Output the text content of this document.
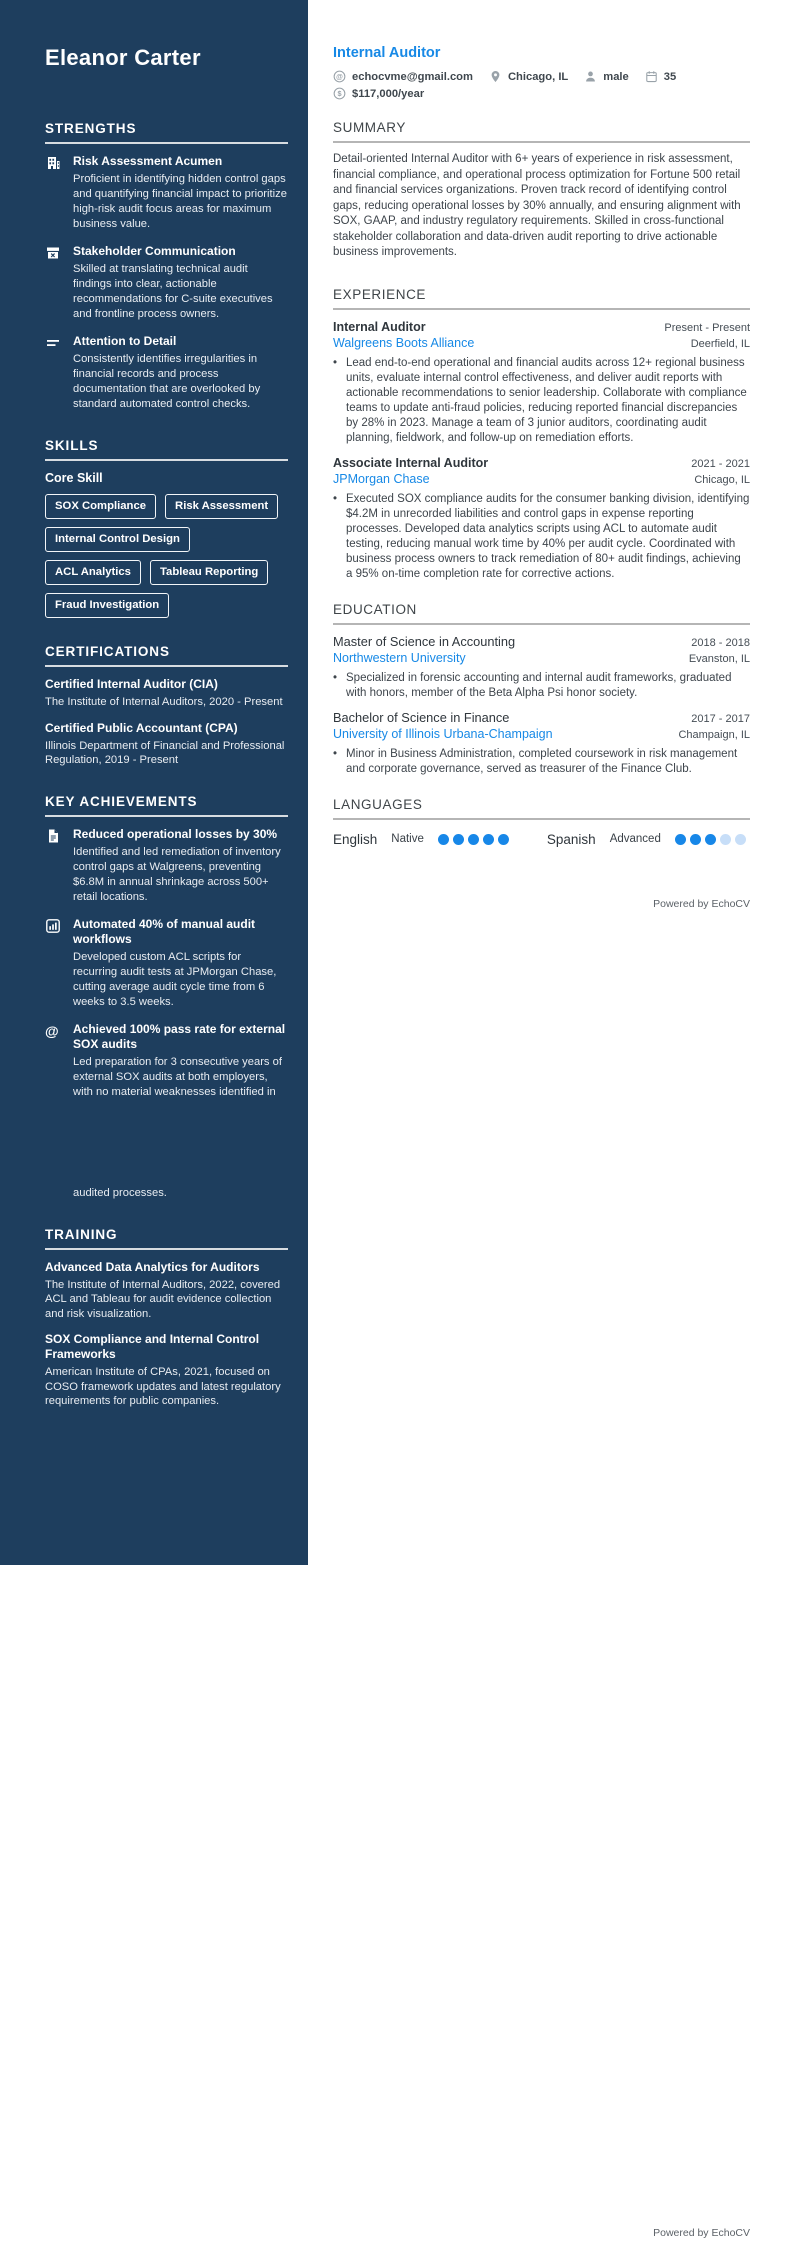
Eleanor Carter
STRENGTHS
Risk Assessment Acumen
Proficient in identifying hidden control gaps and quantifying financial impact to prioritize high-risk audit focus areas for maximum business value.
Stakeholder Communication
Skilled at translating technical audit findings into clear, actionable recommendations for C-suite executives and frontline process owners.
Attention to Detail
Consistently identifies irregularities in financial records and process documentation that are overlooked by standard automated control checks.
SKILLS
Core Skill
SOX Compliance	Risk Assessment
Internal Control Design
ACL Analytics	Tableau Reporting
Fraud Investigation
CERTIFICATIONS
Certified Internal Auditor (CIA)
The Institute of Internal Auditors, 2020 - Present
Certified Public Accountant (CPA)
Illinois Department of Financial and Professional Regulation, 2019 - Present
KEY ACHIEVEMENTS
Reduced operational losses by 30%
Identified and led remediation of inventory control gaps at Walgreens, preventing $6.8M in annual shrinkage across 500+ retail locations.
Automated 40% of manual audit workflows
Developed custom ACL scripts for recurring audit tests at JPMorgan Chase, cutting average audit cycle time from 6 weeks to 3.5 weeks.
@	Achieved 100% pass rate for external SOX audits
Led preparation for 3 consecutive years of external SOX audits at both employers, with no material weaknesses identified in
audited processes.
TRAINING
Advanced Data Analytics for Auditors
The Institute of Internal Auditors, 2022, covered ACL and Tableau for audit evidence collection and risk visualization.
SOX Compliance and Internal Control Frameworks
American Institute of CPAs, 2021, focused on COSO framework updates and latest regulatory requirements for public companies.
Internal Auditor
@ echocvme@gmail.com	Chicago, IL	male	35
$ $117,000/year
SUMMARY
Detail-oriented Internal Auditor with 6+ years of experience in risk assessment, financial compliance, and operational process optimization for Fortune 500 retail and financial services organizations. Proven track record of identifying control gaps, reducing operational losses by 30% annually, and ensuring alignment with SOX, GAAP, and industry regulatory requirements. Skilled in cross-functional stakeholder collaboration and data-driven audit reporting to drive actionable business improvements.
EXPERIENCE
Internal Auditor	Present - Present
Walgreens Boots Alliance	Deerfield, IL
• Lead end-to-end operational and financial audits across 12+ regional business units, evaluate internal control effectiveness, and deliver audit reports with actionable recommendations to senior leadership. Collaborate with compliance teams to update anti-fraud policies, reducing reported financial discrepancies by 28% in 2023. Manage a team of 3 junior auditors, coordinating audit planning, fieldwork, and follow-up on remediation efforts.
Associate Internal Auditor	2021 - 2021
JPMorgan Chase	Chicago, IL
• Executed SOX compliance audits for the consumer banking division, identifying $4.2M in unrecorded liabilities and control gaps in expense reporting processes. Developed data analytics scripts using ACL to automate audit testing, reducing manual work time by 40% per audit cycle. Coordinated with business process owners to track remediation of 80+ audit findings, achieving a 95% on-time completion rate for corrective actions.
EDUCATION
Master of Science in Accounting	2018 - 2018
Northwestern University	Evanston, IL
• Specialized in forensic accounting and internal audit frameworks, graduated with honors, member of the Beta Alpha Psi honor society.
Bachelor of Science in Finance	2017 - 2017
University of Illinois Urbana-Champaign	Champaign, IL
• Minor in Business Administration, completed coursework in risk management and corporate governance, served as treasurer of the Finance Club.
LANGUAGES
English Native	Spanish Advanced
Powered by EchoCV
Powered by EchoCV
